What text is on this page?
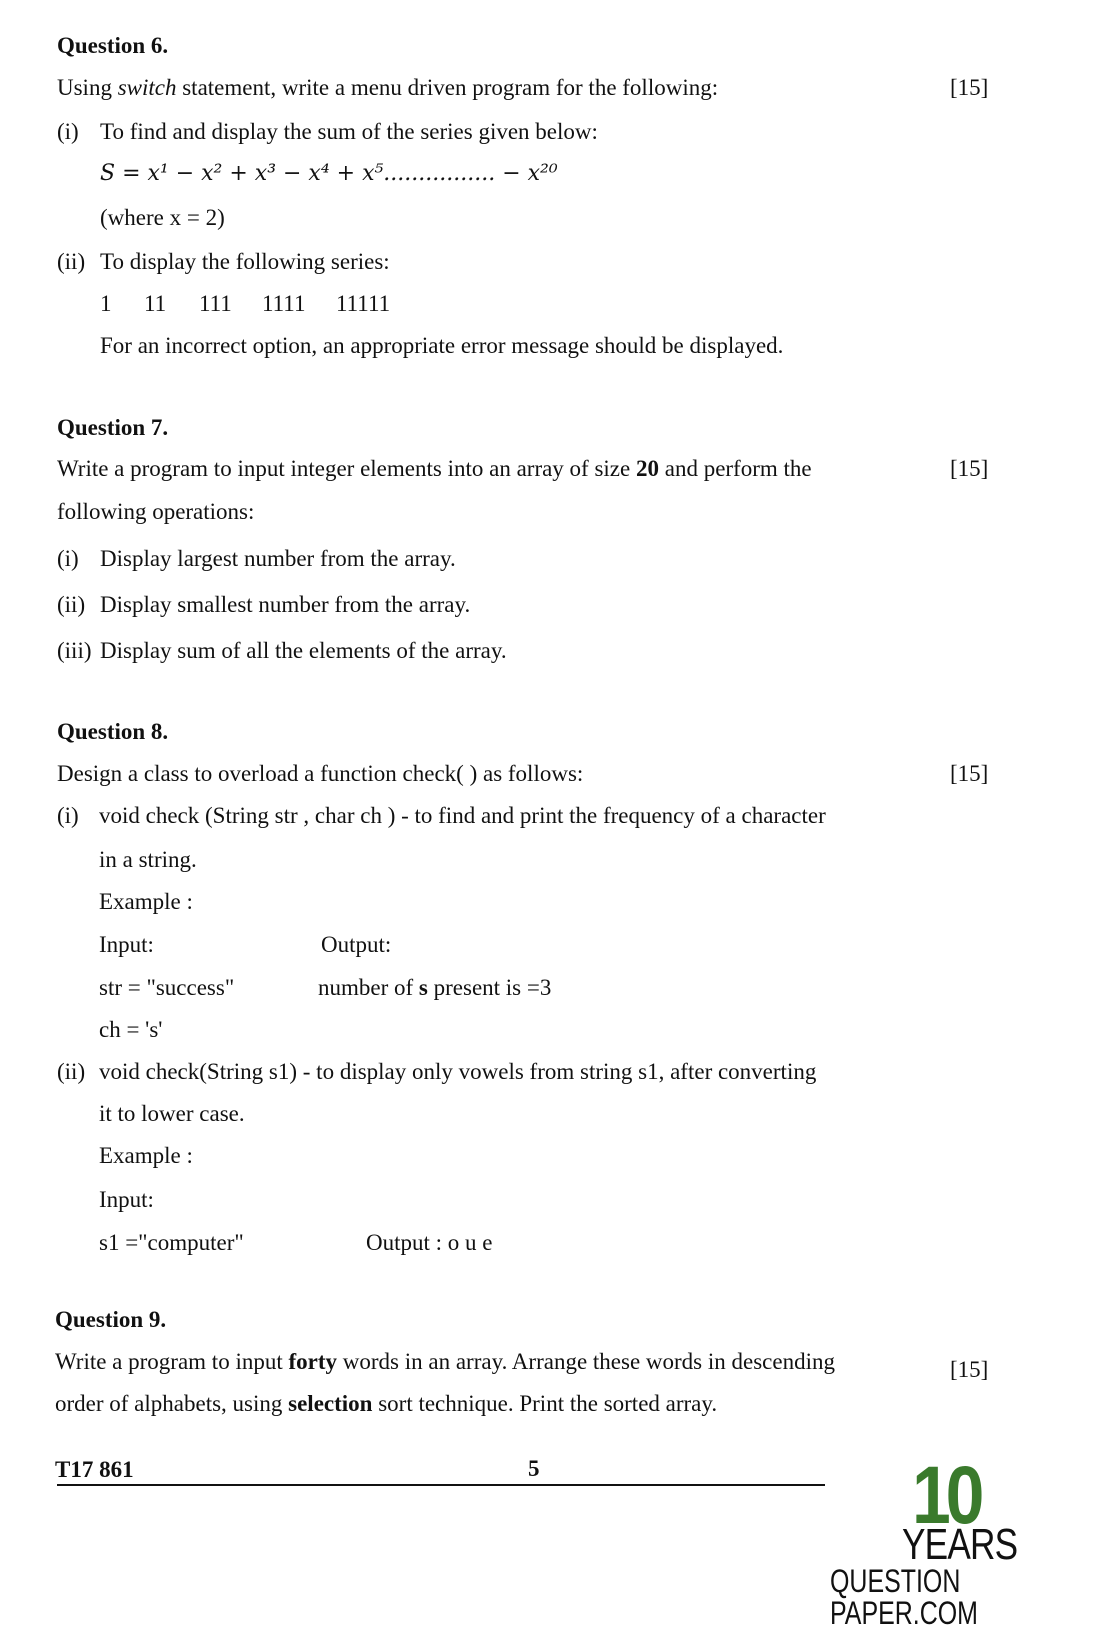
Question 6.
Using switch statement, write a menu driven program for the following:	[15]
(i) To find and display the sum of the series given below:
S = x¹ − x² + x³ − x⁴ + x⁵................ − x²⁰
(where x = 2)
(ii) To display the following series:
1 11 111 1111 11111
For an incorrect option, an appropriate error message should be displayed.
Question 7.
Write a program to input integer elements into an array of size 20 and perform the	[15]
following operations:
(i) Display largest number from the array.
(ii) Display smallest number from the array.
(iii) Display sum of all the elements of the array.
Question 8.
Design a class to overload a function check( ) as follows:	[15]
(i) void check (String str , char ch ) - to find and print the frequency of a character
in a string.
Example :
Input:	Output:
str = "success"	number of s present is =3
ch = 's'
(ii) void check(String s1) - to display only vowels from string s1, after converting
it to lower case.
Example :
Input:
s1 ="computer"	Output : o u e
Question 9.
Write a program to input forty words in an array. Arrange these words in descending	[15]
order of alphabets, using selection sort technique. Print the sorted array.
T17 861	5	10
YEARS
QUESTION PAPER.COM
